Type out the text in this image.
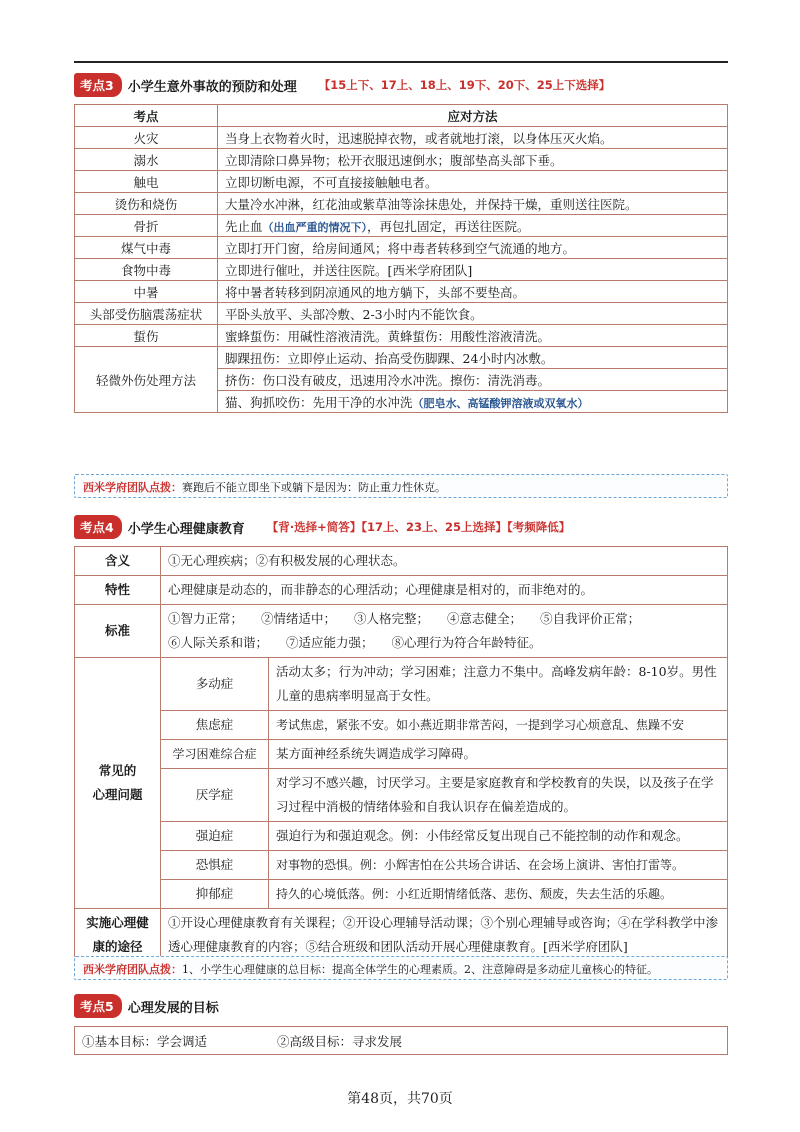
考点3	小学生意外事故的预防和处理 【15上下、17上、18上、19下、20下、25上下选择】
考点	应对方法
火灾	当身上衣物着火时，迅速脱掉衣物，或者就地打滚，以身体压灭火焰。
溺水	立即清除口鼻异物；松开衣服迅速倒水；腹部垫高头部下垂。
触电	立即切断电源，不可直接接触触电者。
烫伤和烧伤	大量冷水冲淋，红花油或紫草油等涂抹患处，并保持干燥，重则送往医院。
骨折	先止血（出血严重的情况下），再包扎固定，再送往医院。
煤气中毒	立即打开门窗，给房间通风；将中毒者转移到空气流通的地方。
食物中毒	立即进行催吐，并送往医院。[西米学府团队]
中暑	将中暑者转移到阴凉通风的地方躺下，头部不要垫高。
头部受伤脑震荡症状	平卧头放平、头部冷敷、2-3小时内不能饮食。
蜇伤	蜜蜂蜇伤：用碱性溶液清洗。黄蜂蜇伤：用酸性溶液清洗。
轻微外伤处理方法	脚踝扭伤：立即停止运动、抬高受伤脚踝、24小时内冰敷。
	挤伤：伤口没有破皮，迅速用冷水冲洗。擦伤：清洗消毒。
	猫、狗抓咬伤：先用干净的水冲洗（肥皂水、高锰酸钾溶液或双氧水）
西米学府团队点拨：赛跑后不能立即坐下或躺下是因为：防止重力性休克。
考点4	小学生心理健康教育 【背·选择+简答】【17上、23上、25上选择】【考频降低】
含义	①无心理疾病；②有积极发展的心理状态。	
特性	心理健康是动态的，而非静态的心理活动；心理健康是相对的，而非绝对的。	
标准	①智力正常； ②情绪适中； ③人格完整； ④意志健全； ⑤自我评价正常；
⑥人际关系和谐； ⑦适应能力强； ⑧心理行为符合年龄特征。	

常见的
心理问题	多动症	活动太多；行为冲动；学习困难；注意力不集中。高峰发病年龄：8-10岁。男性儿童的患病率明显高于女性。
	焦虑症	考试焦虑，紧张不安。如小燕近期非常苦闷，一提到学习心烦意乱、焦躁不安
	学习困难综合症	某方面神经系统失调造成学习障碍。
	厌学症	对学习不感兴趣，讨厌学习。主要是家庭教育和学校教育的失误，以及孩子在学习过程中消极的情绪体验和自我认识存在偏差造成的。
	强迫症	强迫行为和强迫观念。例：小伟经常反复出现自己不能控制的动作和观念。
	恐惧症	对事物的恐惧。例：小辉害怕在公共场合讲话、在会场上演讲、害怕打雷等。
	抑郁症	持久的心境低落。例：小红近期情绪低落、悲伤、颓废，失去生活的乐趣。

实施心理健
康的途径	①开设心理健康教育有关课程；②开设心理辅导活动课；③个别心理辅导或咨询；④在学科教学中渗透心理健康教育的内容；⑤结合班级和团队活动开展心理健康教育。[西米学府团队]	
西米学府团队点拨：1、小学生心理健康的总目标：提高全体学生的心理素质。2、注意障碍是多动症儿童核心的特征。
考点5	心理发展的目标
①基本目标：学会调适	②高级目标：寻求发展
第48页，共70页
